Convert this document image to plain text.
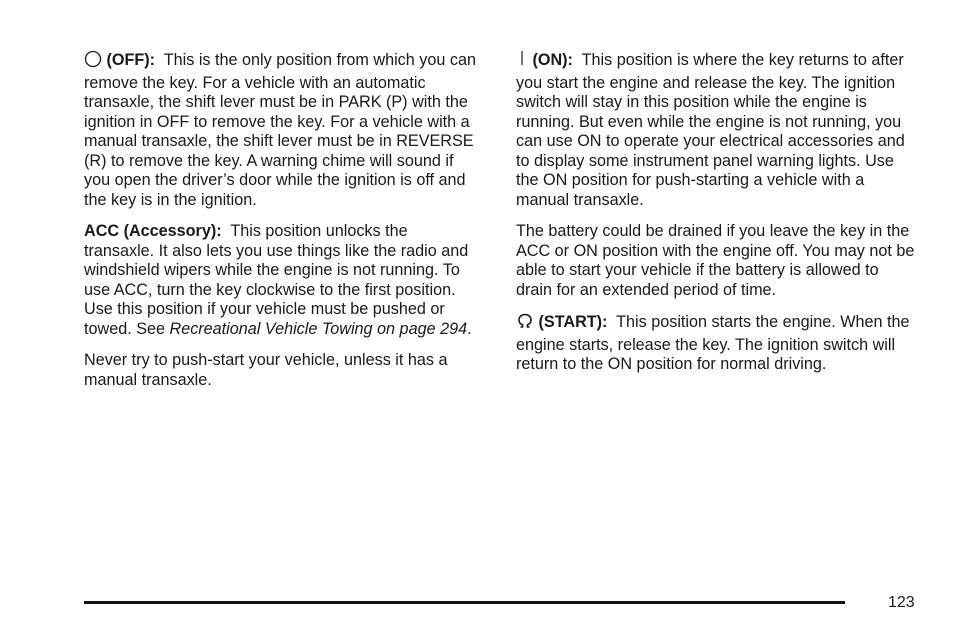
(OFF): This is the only position from which you can remove the key. For a vehicle with an automatic transaxle, the shift lever must be in PARK (P) with the ignition in OFF to remove the key. For a vehicle with a manual transaxle, the shift lever must be in REVERSE (R) to remove the key. A warning chime will sound if you open the driver’s door while the ignition is off and the key is in the ignition.

ACC (Accessory): This position unlocks the transaxle. It also lets you use things like the radio and windshield wipers while the engine is not running. To use ACC, turn the key clockwise to the first position. Use this position if your vehicle must be pushed or towed. See Recreational Vehicle Towing on page 294.

Never try to push-start your vehicle, unless it has a manual transaxle.

(ON): This position is where the key returns to after you start the engine and release the key. The ignition switch will stay in this position while the engine is running. But even while the engine is not running, you can use ON to operate your electrical accessories and to display some instrument panel warning lights. Use the ON position for push-starting a vehicle with a manual transaxle.

The battery could be drained if you leave the key in the ACC or ON position with the engine off. You may not be able to start your vehicle if the battery is allowed to drain for an extended period of time.

(START): This position starts the engine. When the engine starts, release the key. The ignition switch will return to the ON position for normal driving.

123
